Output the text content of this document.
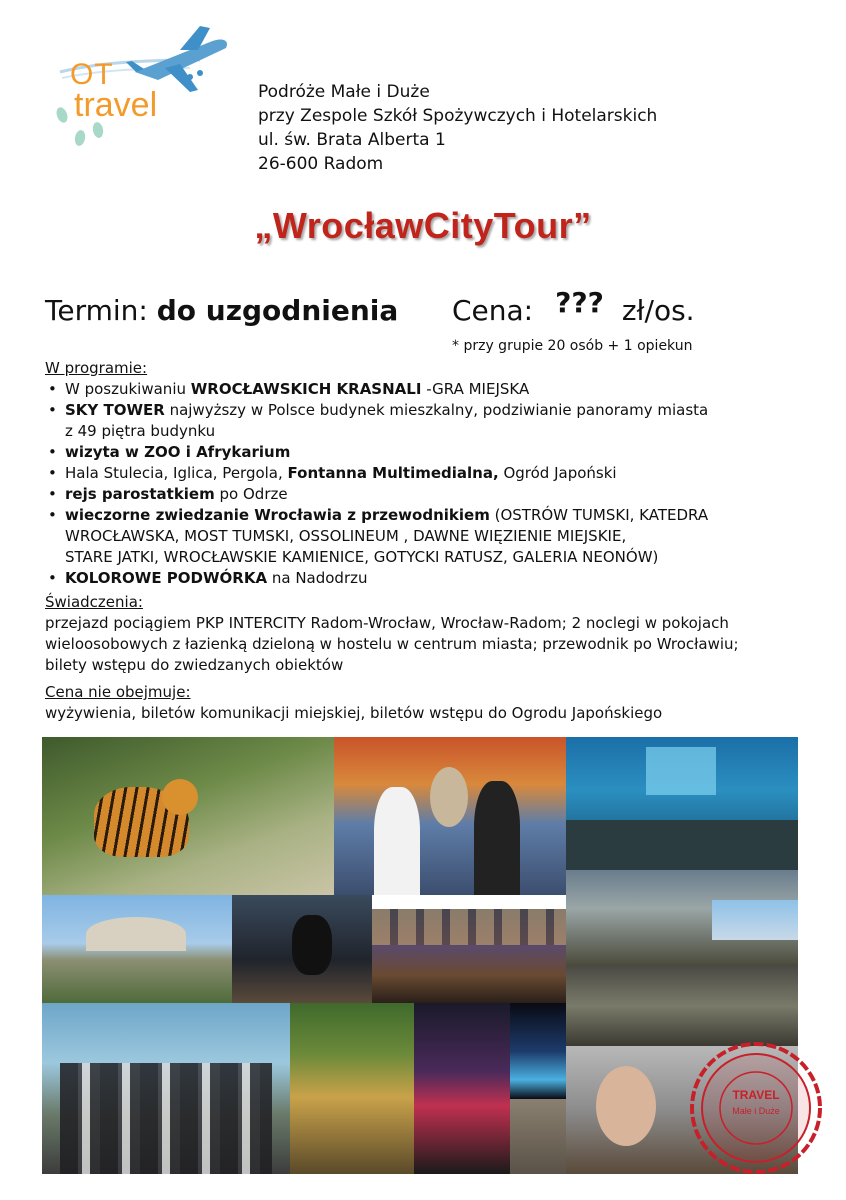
OT
travel	Podróże Małe i Duże
przy Zespole Szkół Spożywczych i Hotelarskich
ul. św. Brata Alberta 1
26-600 Radom
„WrocławCityTour”
Termin: do uzgodnienia Cena: ??? zł/os.
* przy grupie 20 osób + 1 opiekun
W programie:
• W poszukiwaniu WROCŁAWSKICH KRASNALI -GRA MIEJSKA
• SKY TOWER najwyższy w Polsce budynek mieszkalny, podziwianie panoramy miasta
z 49 piętra budynku
• wizyta w ZOO i Afrykarium
• Hala Stulecia, Iglica, Pergola, Fontanna Multimedialna, Ogród Japoński
• rejs parostatkiem po Odrze
• wieczorne zwiedzanie Wrocławia z przewodnikiem (OSTRÓW TUMSKI, KATEDRA
WROCŁAWSKA, MOST TUMSKI, OSSOLINEUM , DAWNE WIĘZIENIE MIEJSKIE,
STARE JATKI, WROCŁAWSKIE KAMIENICE, GOTYCKI RATUSZ, GALERIA NEONÓW)
• KOLOROWE PODWÓRKA na Nadodrzu
Świadczenia:
przejazd pociągiem PKP INTERCITY Radom-Wrocław, Wrocław-Radom; 2 noclegi w pokojach
wieloosobowych z łazienką dzieloną w hostelu w centrum miasta; przewodnik po Wrocławiu;
bilety wstępu do zwiedzanych obiektów
Cena nie obejmuje:
wyżywienia, biletów komunikacji miejskiej, biletów wstępu do Ogrodu Japońskiego
TRAVEL
Małe i Duże
